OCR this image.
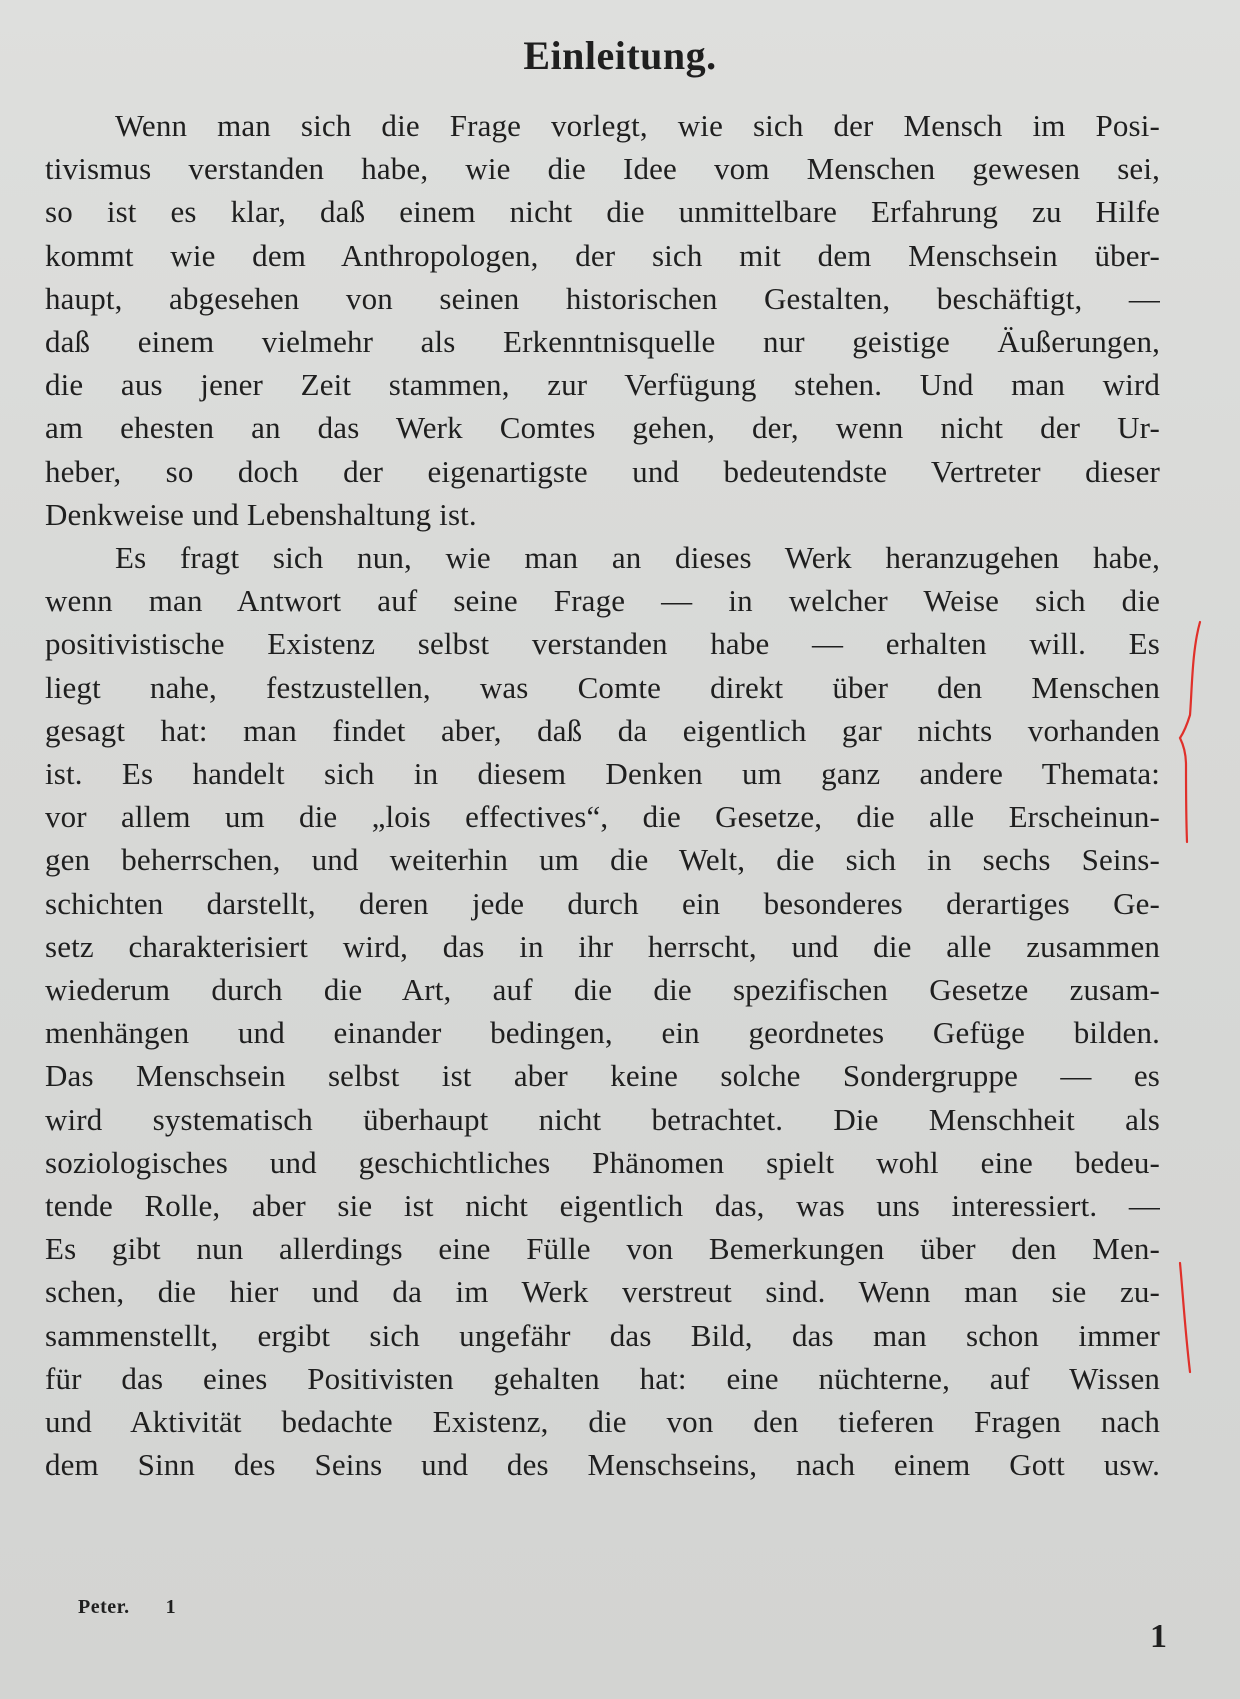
Einleitung.
Wenn man sich die Frage vorlegt, wie sich der Mensch im Posi-
tivismus verstanden habe, wie die Idee vom Menschen gewesen sei,
so ist es klar, daß einem nicht die unmittelbare Erfahrung zu Hilfe
kommt wie dem Anthropologen, der sich mit dem Menschsein über-
haupt, abgesehen von seinen historischen Gestalten, beschäftigt, —
daß einem vielmehr als Erkenntnisquelle nur geistige Äußerungen,
die aus jener Zeit stammen, zur Verfügung stehen. Und man wird
am ehesten an das Werk Comtes gehen, der, wenn nicht der Ur-
heber, so doch der eigenartigste und bedeutendste Vertreter dieser
Denkweise und Lebenshaltung ist.
Es fragt sich nun, wie man an dieses Werk heranzugehen habe,
wenn man Antwort auf seine Frage — in welcher Weise sich die
positivistische Existenz selbst verstanden habe — erhalten will. Es
liegt nahe, festzustellen, was Comte direkt über den Menschen
gesagt hat: man findet aber, daß da eigentlich gar nichts vorhanden
ist. Es handelt sich in diesem Denken um ganz andere Themata:
vor allem um die „lois effectives“, die Gesetze, die alle Erscheinun-
gen beherrschen, und weiterhin um die Welt, die sich in sechs Seins-
schichten darstellt, deren jede durch ein besonderes derartiges Ge-
setz charakterisiert wird, das in ihr herrscht, und die alle zusammen
wiederum durch die Art, auf die die spezifischen Gesetze zusam-
menhängen und einander bedingen, ein geordnetes Gefüge bilden.
Das Menschsein selbst ist aber keine solche Sondergruppe — es
wird systematisch überhaupt nicht betrachtet. Die Menschheit als
soziologisches und geschichtliches Phänomen spielt wohl eine bedeu-
tende Rolle, aber sie ist nicht eigentlich das, was uns interessiert. —
Es gibt nun allerdings eine Fülle von Bemerkungen über den Men-
schen, die hier und da im Werk verstreut sind. Wenn man sie zu-
sammenstellt, ergibt sich ungefähr das Bild, das man schon immer
für das eines Positivisten gehalten hat: eine nüchterne, auf Wissen
und Aktivität bedachte Existenz, die von den tieferen Fragen nach
dem Sinn des Seins und des Menschseins, nach einem Gott usw.
Peter. 1
1
